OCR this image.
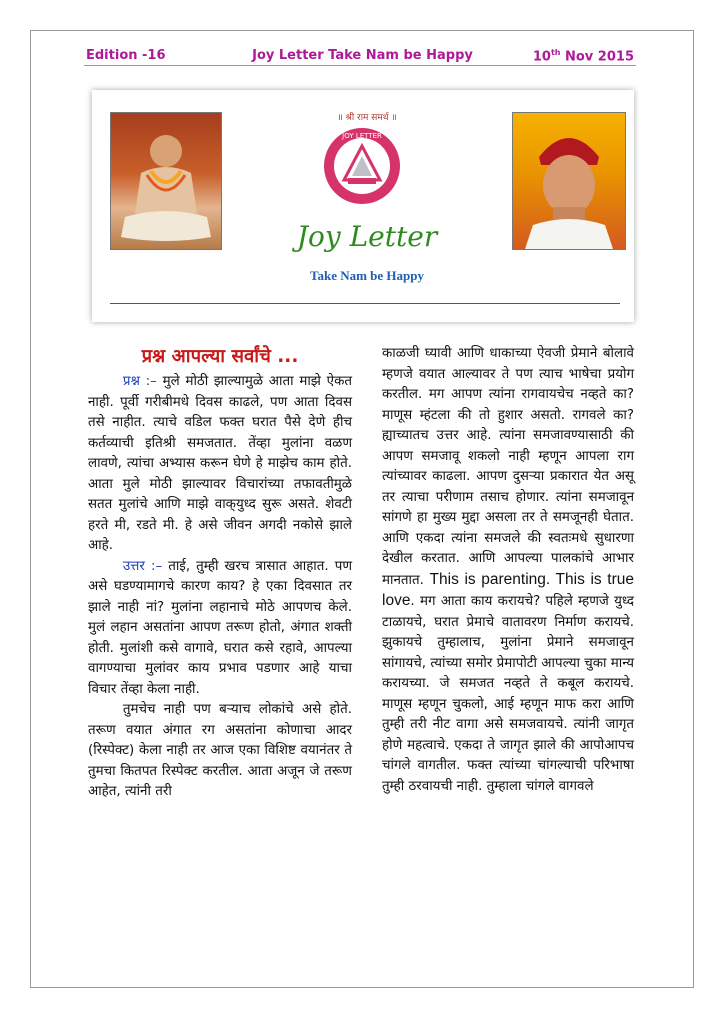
Edition -16	Joy Letter Take Nam be Happy	10th Nov 2015
॥ श्री राम समर्थ ॥
JOY LETTER
Joy Letter
Take Nam be Happy
प्रश्न आपल्या सर्वांचे ...

प्रश्न :– मुले मोठी झाल्यामुळे आता माझे ऐकत नाही. पूर्वी गरीबीमधे दिवस काढले, पण आता दिवस तसे नाहीत. त्याचे वडिल फक्त घरात पैसे देणे हीच कर्तव्याची इतिश्री समजतात. तेंव्हा मुलांना वळण लावणे, त्यांचा अभ्यास करून घेणे हे माझेच काम होते. आता मुले मोठी झाल्यावर विचारांच्या तफावतीमुळे सतत मुलांचे आणि माझे वाक्‌युध्द सुरू असते. शेवटी हरते मी, रडते मी. हे असे जीवन अगदी नकोसे झाले आहे.

उत्तर :– ताई, तुम्ही खरच त्रासात आहात. पण असे घडण्यामागचे कारण काय? हे एका दिवसात तर झाले नाही नां? मुलांना लहानाचे मोठे आपणच केले. मुलं लहान असतांना आपण तरूण होतो, अंगात शक्ती होती. मुलांशी कसे वागावे, घरात कसे रहावे, आपल्या वागण्याचा मुलांवर काय प्रभाव पडणार आहे याचा विचार तेंव्हा केला नाही.

तुमचेच नाही पण बऱ्याच लोकांचे असे होते. तरूण वयात अंगात रग असतांना कोणाचा आदर (रिस्पेक्ट) केला नाही तर आज एका विशिष्ट वयानंतर ते तुमचा कितपत रिस्पेक्ट करतील. आता अजून जे तरूण आहेत, त्यांनी तरी

काळजी घ्यावी आणि धाकाच्या ऐवजी प्रेमाने बोलावे म्हणजे वयात आल्यावर ते पण त्याच भाषेचा प्रयोग करतील. मग आपण त्यांना रागवायचेच नव्हते का? माणूस म्हंटला की तो हुशार असतो. रागवले का? ह्याच्यातच उत्तर आहे. त्यांना समजावण्यासाठी की आपण समजावू शकलो नाही म्हणून आपला राग त्यांच्यावर काढला. आपण दुसऱ्या प्रकारात येत असू तर त्याचा परीणाम तसाच होणार. त्यांना समजावून सांगणे हा मुख्य मुद्दा असला तर ते समजूनही घेतात. आणि एकदा त्यांना समजले की स्वतःमधे सुधारणा देखील करतात. आणि आपल्या पालकांचे आभार मानतात. This is parenting. This is true love. मग आता काय करायचे? पहिले म्हणजे युध्द टाळायचे, घरात प्रेमाचे वातावरण निर्माण करायचे. झुकायचे तुम्हालाच, मुलांना प्रेमाने समजावून सांगायचे, त्यांच्या समोर प्रेमापोटी आपल्या चुका मान्य करायच्या. जे समजत नव्हते ते कबूल करायचे. माणूस म्हणून चुकलो, आई म्हणून माफ करा आणि तुम्ही तरी नीट वागा असे समजवायचे. त्यांनी जागृत होणे महत्वाचे. एकदा ते जागृत झाले की आपोआपच चांगले वागतील. फक्त त्यांच्या चांगल्याची परिभाषा तुम्ही ठरवायची नाही. तुम्हाला चांगले वागवले
